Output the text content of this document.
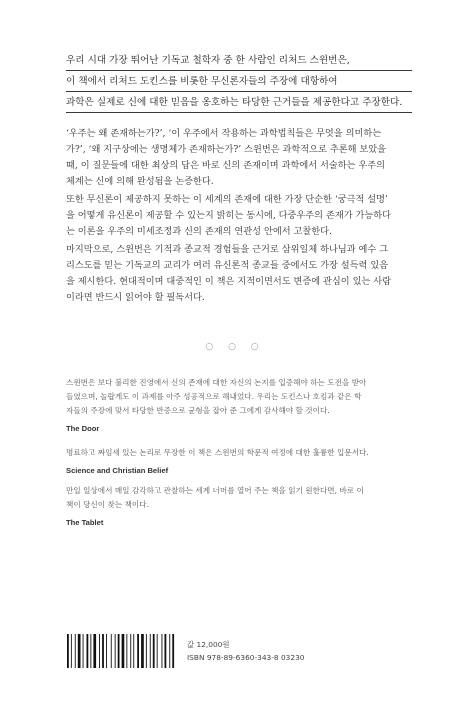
우리 시대 가장 뛰어난 기독교 철학자 중 한 사람인 리처드 스윈번은,
이 책에서 리처드 도킨스를 비롯한 무신론자들의 주장에 대항하여
과학은 실제로 신에 대한 믿음을 옹호하는 타당한 근거들을 제공한다고 주장한다.

‘우주는 왜 존재하는가?’, ‘이 우주에서 작용하는 과학법칙들은 무엇을 의미하는
가?’, ‘왜 지구상에는 생명체가 존재하는가?’ 스윈번은 과학적으로 추론해 보았을
때, 이 질문들에 대한 최상의 답은 바로 신의 존재이며 과학에서 서술하는 우주의
체계는 신에 의해 완성됨을 논증한다.

또한 무신론이 제공하지 못하는 이 세계의 존재에 대한 가장 단순한 ‘궁극적 설명’
을 어떻게 유신론이 제공할 수 있는지 밝히는 동시에, 다중우주의 존재가 가능하다
는 이론을 우주의 미세조정과 신의 존재의 연관성 안에서 고찰한다.

마지막으로, 스윈번은 기적과 종교적 경험들을 근거로 삼위일체 하나님과 예수 그
리스도를 믿는 기독교의 교리가 여러 유신론적 종교들 중에서도 가장 설득력 있음
을 제시한다. 현대적이며 대중적인 이 책은 지적이면서도 변증에 관심이 있는 사람
이라면 반드시 읽어야 할 필독서다.

○ ○ ○
스윈번은 보다 불리한 진영에서 신의 존재에 대한 자신의 논지를 입증해야 하는 도전을 받아
들였으며, 놀랍게도 이 과제를 아주 성공적으로 해내었다. 우리는 도킨스나 호킹과 같은 학
자들의 주장에 맞서 타당한 반증으로 균형을 잡아 준 그에게 감사해야 할 것이다.
The Door
명료하고 짜임새 있는 논리로 무장한 이 책은 스윈번의 학문적 여정에 대한 훌륭한 입문서다.
Science and Christian Belief
만일 일상에서 매일 감각하고 관찰하는 세계 너머를 열어 주는 책을 읽기 원한다면, 바로 이
책이 당신이 찾는 책이다.
The Tablet
값 12,000원
ISBN 978-89-6360-343-8 03230
